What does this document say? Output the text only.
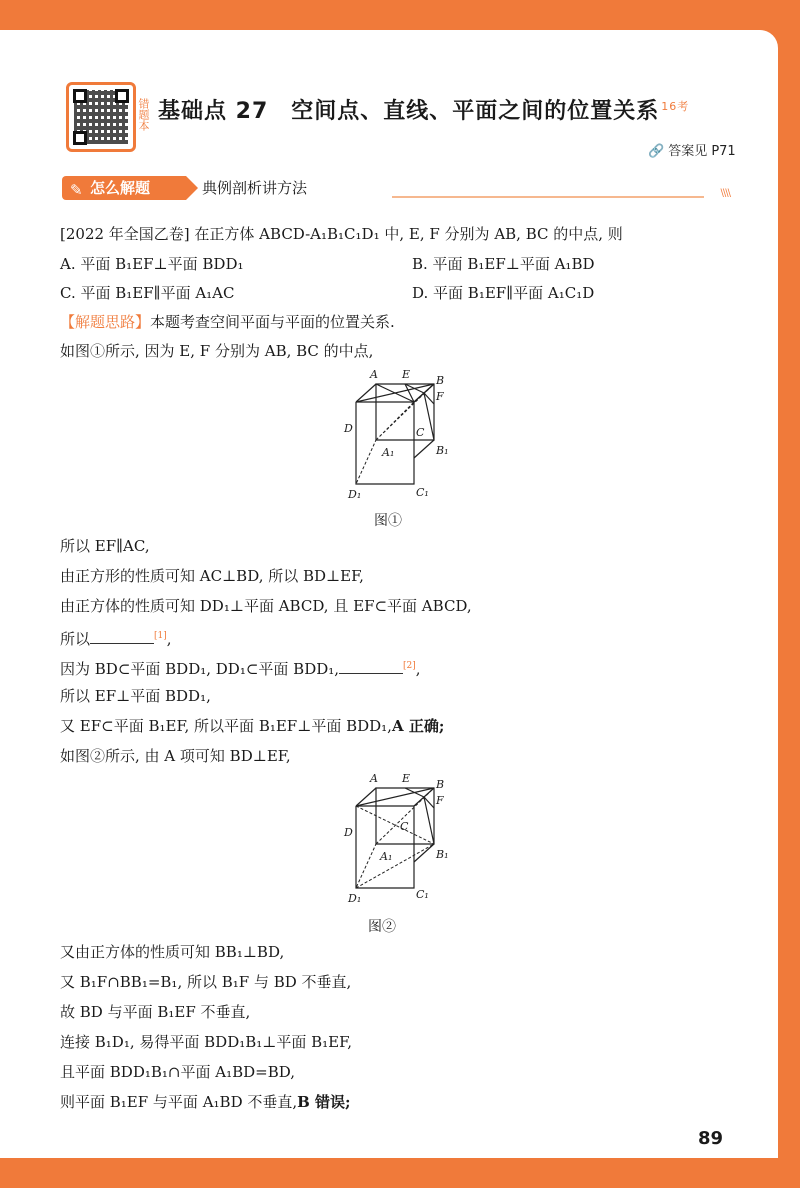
错题本 基础点 27　空间点、直线、平面之间的位置关系 $^{16考}$
🔗 答案见 P71
✎ 怎么解题	典例剖析讲方法	\\\\
[2022 年全国乙卷] 在正方体 ABCD-A₁B₁C₁D₁ 中, E, F 分别为 AB, BC 的中点, 则
A. 平面 B₁EF⊥平面 BDD₁	B. 平面 B₁EF⊥平面 A₁BD
C. 平面 B₁EF∥平面 A₁AC	D. 平面 B₁EF∥平面 A₁C₁D
【解题思路】本题考查空间平面与平面的位置关系.
如图①所示, 因为 E, F 分别为 AB, BC 的中点,
A E B
F
D	C
A₁	B₁
C₁
D₁
图①
所以 EF∥AC,
由正方形的性质可知 AC⊥BD, 所以 BD⊥EF,
由正方体的性质可知 DD₁⊥平面 ABCD, 且 EF⊂平面 ABCD,
所以	[1],
因为 BD⊂平面 BDD₁, DD₁⊂平面 BDD₁,	[2],
所以 EF⊥平面 BDD₁,
又 EF⊂平面 B₁EF, 所以平面 B₁EF⊥平面 BDD₁,A 正确;
如图②所示, 由 A 项可知 BD⊥EF,
A E B
F
D	C
A₁	B₁
C₁
D₁
图②
又由正方体的性质可知 BB₁⊥BD,
又 B₁F∩BB₁=B₁, 所以 B₁F 与 BD 不垂直,
故 BD 与平面 B₁EF 不垂直,
连接 B₁D₁, 易得平面 BDD₁B₁⊥平面 B₁EF,
且平面 BDD₁B₁∩平面 A₁BD=BD,
则平面 B₁EF 与平面 A₁BD 不垂直,B 错误;
89
